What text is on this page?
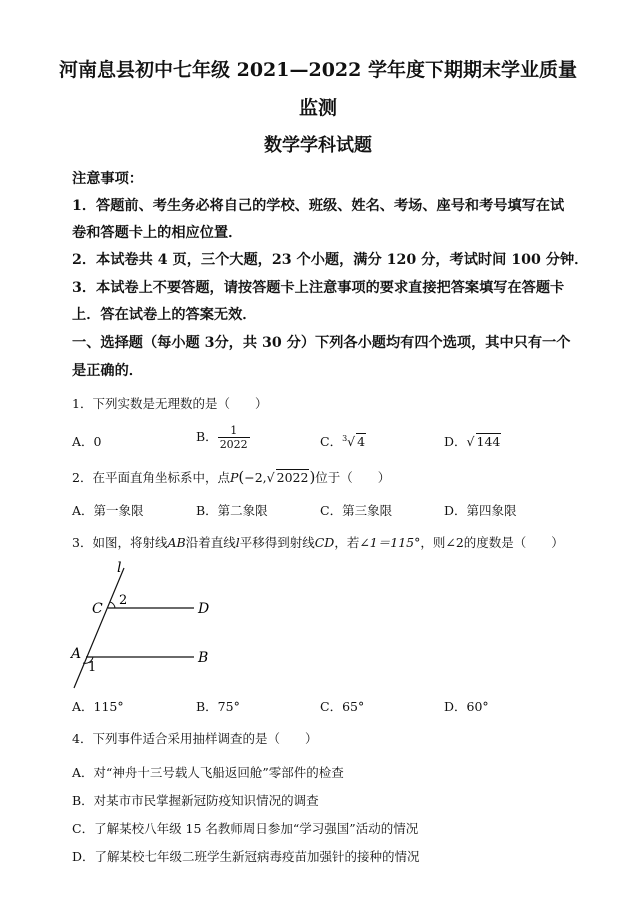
河南息县初中七年级 2021—2022 学年度下期期末学业质量
监测
数学学科试题
注意事项：
1．答题前、考生务必将自己的学校、班级、姓名、考场、座号和考号填写在试
卷和答题卡上的相应位置．
2．本试卷共 4 页，三个大题，23 个小题，满分 120 分，考试时间 100 分钟．
3．本试卷上不要答题，请按答题卡上注意事项的要求直接把答案填写在答题卡
上．答在试卷上的答案无效．
一、选择题（每小题 3分，共 30 分）下列各小题均有四个选项，其中只有一个
是正确的．
1．下列实数是无理数的是（　　）
A．0	B． $\frac{1}{2022}$	C．$^3$√ 4	D．√ 144
2．在平面直角坐标系中，点P(−2,√ 2022)位于（　　）
A．第一象限	B．第二象限	C．第三象限	D．第四象限
3．如图，将射线AB沿着直线l平移得到射线CD，若∠1＝115°，则∠2的度数是（　　）
l
C
2
D
A
1
B
A．115°	B．75°	C．65°	D．60°
4．下列事件适合采用抽样调查的是（　　）
A．对“神舟十三号载人飞船返回舱”零部件的检查
B．对某市市民掌握新冠防疫知识情况的调查
C．了解某校八年级 15 名教师周日参加“学习强国”活动的情况
D．了解某校七年级二班学生新冠病毒疫苗加强针的接种的情况
